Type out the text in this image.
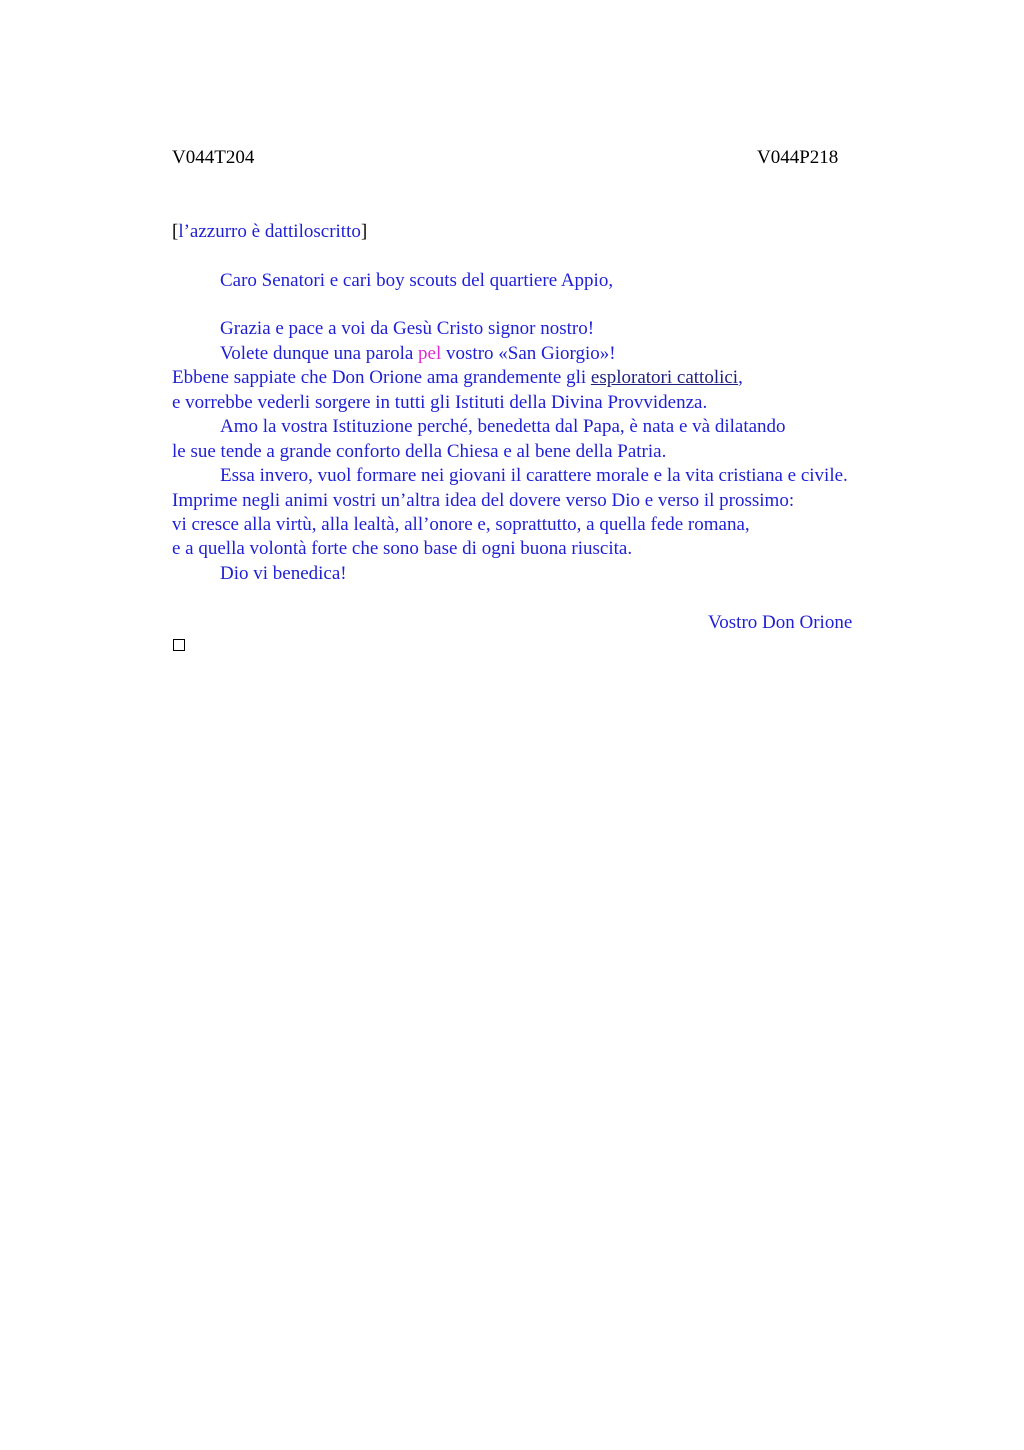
V044T204	V044P218
[l’azzurro è dattiloscritto]
Caro Senatori e cari boy scouts del quartiere Appio,
Grazia e pace a voi da Gesù Cristo signor nostro!
Volete dunque una parola pel vostro «San Giorgio»!
Ebbene sappiate che Don Orione ama grandemente gli esploratori cattolici,
e vorrebbe vederli sorgere in tutti gli Istituti della Divina Provvidenza.
Amo la vostra Istituzione perché, benedetta dal Papa, è nata e và dilatando
le sue tende a grande conforto della Chiesa e al bene della Patria.
Essa invero, vuol formare nei giovani il carattere morale e la vita cristiana e civile.
Imprime negli animi vostri un’altra idea del dovere verso Dio e verso il prossimo:
vi cresce alla virtù, alla lealtà, all’onore e, soprattutto, a quella fede romana,
e a quella volontà forte che sono base di ogni buona riuscita.
Dio vi benedica!
Vostro Don Orione
